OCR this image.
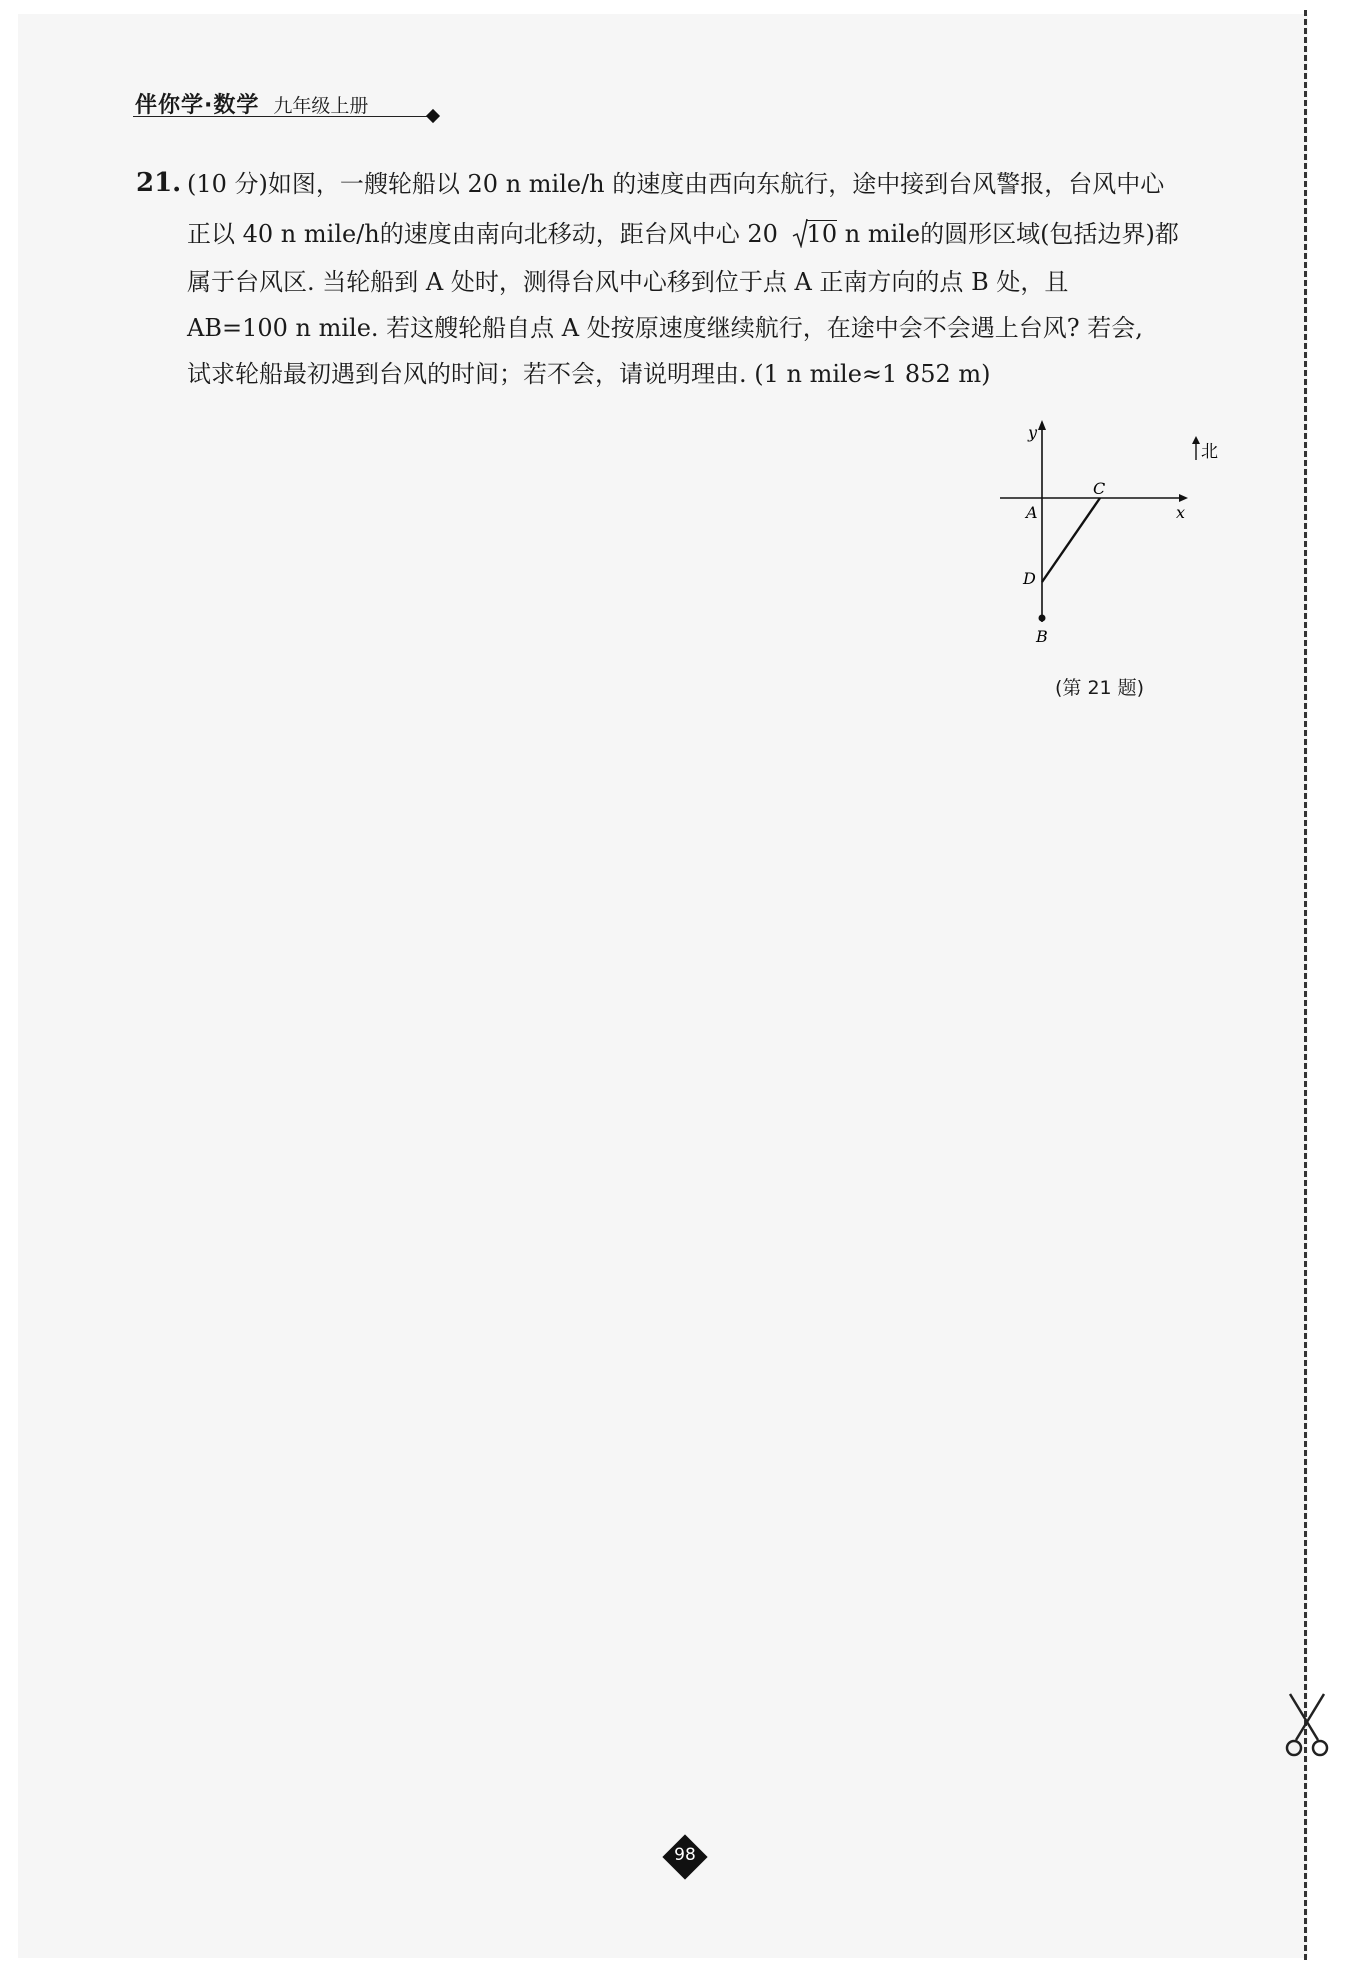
伴你学·数学 九年级上册
21. (10 分)如图，一艘轮船以 20 n mile/h 的速度由西向东航行，途中接到台风警报，台风中心
正以 40 n mile/h的速度由南向北移动，距台风中心 20 10 n mile的圆形区域(包括边界)都
属于台风区. 当轮船到 A 处时，测得台风中心移到位于点 A 正南方向的点 B 处，且
AB=100 n mile. 若这艘轮船自点 A 处按原速度继续航行，在途中会不会遇上台风? 若会,
试求轮船最初遇到台风的时间；若不会，请说明理由. (1 n mile≈1 852 m)
y
x
北
A
C
D
B
(第 21 题)
98
